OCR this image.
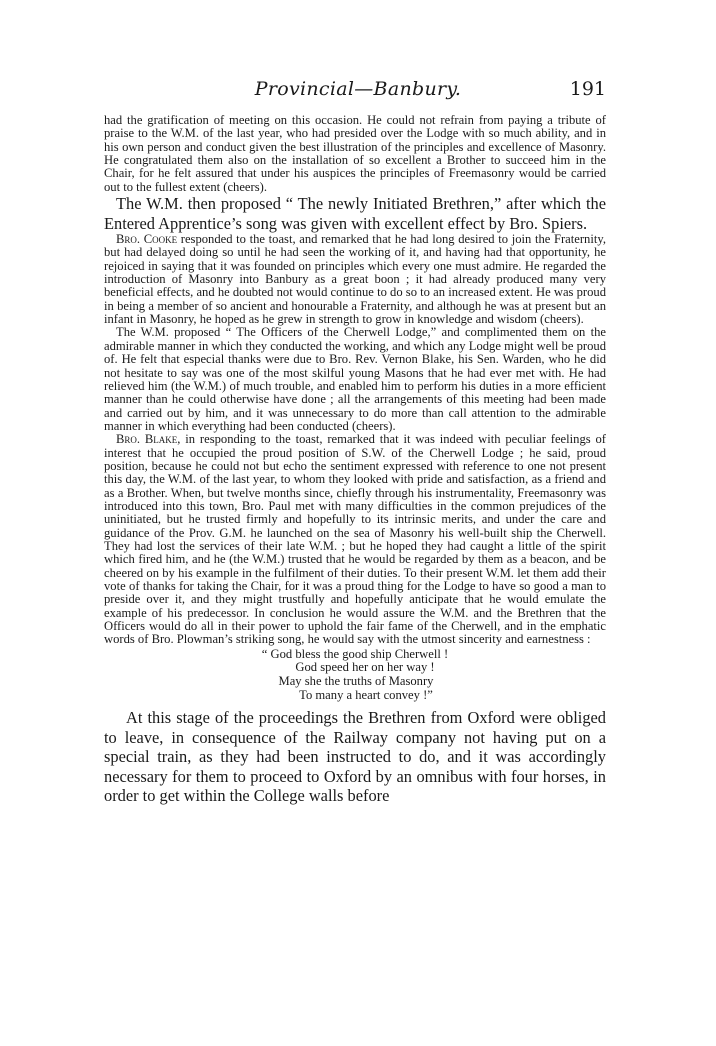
Provincial—Banbury.	191

had the gratification of meeting on this occasion. He could not refrain from paying a tribute of praise to the W.M. of the last year, who had presided over the Lodge with so much ability, and in his own person and conduct given the best illustration of the principles and excellence of Masonry. He congratulated them also on the installation of so excellent a Brother to succeed him in the Chair, for he felt assured that under his auspices the principles of Freemasonry would be carried out to the fullest extent (cheers).

The W.M. then proposed “ The newly Initiated Brethren,” after which the Entered Apprentice’s song was given with excellent effect by Bro. Spiers.

Bro. Cooke responded to the toast, and remarked that he had long desired to join the Fraternity, but had delayed doing so until he had seen the working of it, and having had that opportunity, he rejoiced in saying that it was founded on principles which every one must admire. He regarded the introduction of Masonry into Banbury as a great boon ; it had already produced many very beneficial effects, and he doubted not would continue to do so to an increased extent. He was proud in being a member of so ancient and honourable a Fraternity, and although he was at present but an infant in Masonry, he hoped as he grew in strength to grow in knowledge and wisdom (cheers).

The W.M. proposed “ The Officers of the Cherwell Lodge,” and complimented them on the admirable manner in which they conducted the working, and which any Lodge might well be proud of. He felt that especial thanks were due to Bro. Rev. Vernon Blake, his Sen. Warden, who he did not hesitate to say was one of the most skilful young Masons that he had ever met with. He had relieved him (the W.M.) of much trouble, and enabled him to perform his duties in a more efficient manner than he could otherwise have done ; all the arrangements of this meeting had been made and carried out by him, and it was unnecessary to do more than call attention to the admirable manner in which everything had been conducted (cheers).

Bro. Blake, in responding to the toast, remarked that it was indeed with peculiar feelings of interest that he occupied the proud position of S.W. of the Cherwell Lodge ; he said, proud position, because he could not but echo the sentiment expressed with reference to one not present this day, the W.M. of the last year, to whom they looked with pride and satisfaction, as a friend and as a Brother. When, but twelve months since, chiefly through his instrumentality, Freemasonry was introduced into this town, Bro. Paul met with many difficulties in the common prejudices of the uninitiated, but he trusted firmly and hopefully to its intrinsic merits, and under the care and guidance of the Prov. G.M. he launched on the sea of Masonry his well-built ship the Cherwell. They had lost the services of their late W.M. ; but he hoped they had caught a little of the spirit which fired him, and he (the W.M.) trusted that he would be regarded by them as a beacon, and be cheered on by his example in the fulfilment of their duties. To their present W.M. let them add their vote of thanks for taking the Chair, for it was a proud thing for the Lodge to have so good a man to preside over it, and they might trustfully and hopefully anticipate that he would emulate the example of his predecessor. In conclusion he would assure the W.M. and the Brethren that the Officers would do all in their power to uphold the fair fame of the Cherwell, and in the emphatic words of Bro. Plowman’s striking song, he would say with the utmost sincerity and earnestness :

“ God bless the good ship Cherwell !
God speed her on her way !
May she the truths of Masonry
To many a heart convey !”

At this stage of the proceedings the Brethren from Oxford were obliged to leave, in consequence of the Railway company not having put on a special train, as they had been instructed to do, and it was accordingly necessary for them to proceed to Oxford by an omnibus with four horses, in order to get within the College walls before
